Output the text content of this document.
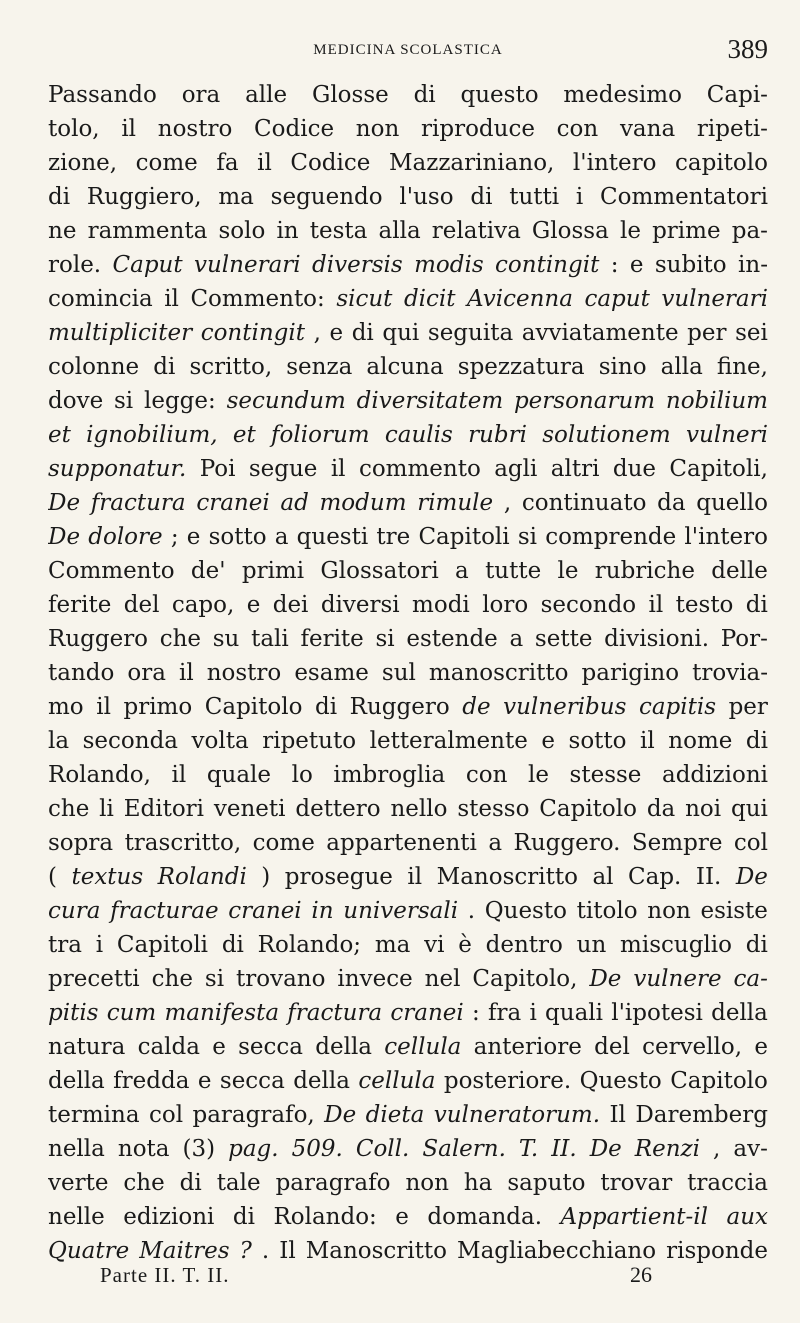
MEDICINA SCOLASTICA	389
Passando ora alle Glosse di questo medesimo Capi-
tolo, il nostro Codice non riproduce con vana ripeti-
zione, come fa il Codice Mazzariniano, l'intero capitolo
di Ruggiero, ma seguendo l'uso di tutti i Commentatori
ne rammenta solo in testa alla relativa Glossa le prime pa-
role. Caput vulnerari diversis modis contingit : e subito in-
comincia il Commento: sicut dicit Avicenna caput vulnerari
multipliciter contingit , e di qui seguita avviatamente per sei
colonne di scritto, senza alcuna spezzatura sino alla fine,
dove si legge: secundum diversitatem personarum nobilium
et ignobilium, et foliorum caulis rubri solutionem vulneri
supponatur. Poi segue il commento agli altri due Capitoli,
De fractura cranei ad modum rimule , continuato da quello
De dolore ; e sotto a questi tre Capitoli si comprende l'intero
Commento de' primi Glossatori a tutte le rubriche delle
ferite del capo, e dei diversi modi loro secondo il testo di
Ruggero che su tali ferite si estende a sette divisioni. Por-
tando ora il nostro esame sul manoscritto parigino trovia-
mo il primo Capitolo di Ruggero de vulneribus capitis per
la seconda volta ripetuto letteralmente e sotto il nome di
Rolando, il quale lo imbroglia con le stesse addizioni
che li Editori veneti dettero nello stesso Capitolo da noi qui
sopra trascritto, come appartenenti a Ruggero. Sempre col
( textus Rolandi ) prosegue il Manoscritto al Cap. II. De
cura fracturae cranei in universali . Questo titolo non esiste
tra i Capitoli di Rolando; ma vi è dentro un miscuglio di
precetti che si trovano invece nel Capitolo, De vulnere ca-
pitis cum manifesta fractura cranei : fra i quali l'ipotesi della
natura calda e secca della cellula anteriore del cervello, e
della fredda e secca della cellula posteriore. Questo Capitolo
termina col paragrafo, De dieta vulneratorum. Il Daremberg
nella nota (3) pag. 509. Coll. Salern. T. II. De Renzi , av-
verte che di tale paragrafo non ha saputo trovar traccia
nelle edizioni di Rolando: e domanda. Appartient-il aux
Quatre Maitres ? . Il Manoscritto Magliabecchiano risponde
Parte II. T. II.	26
